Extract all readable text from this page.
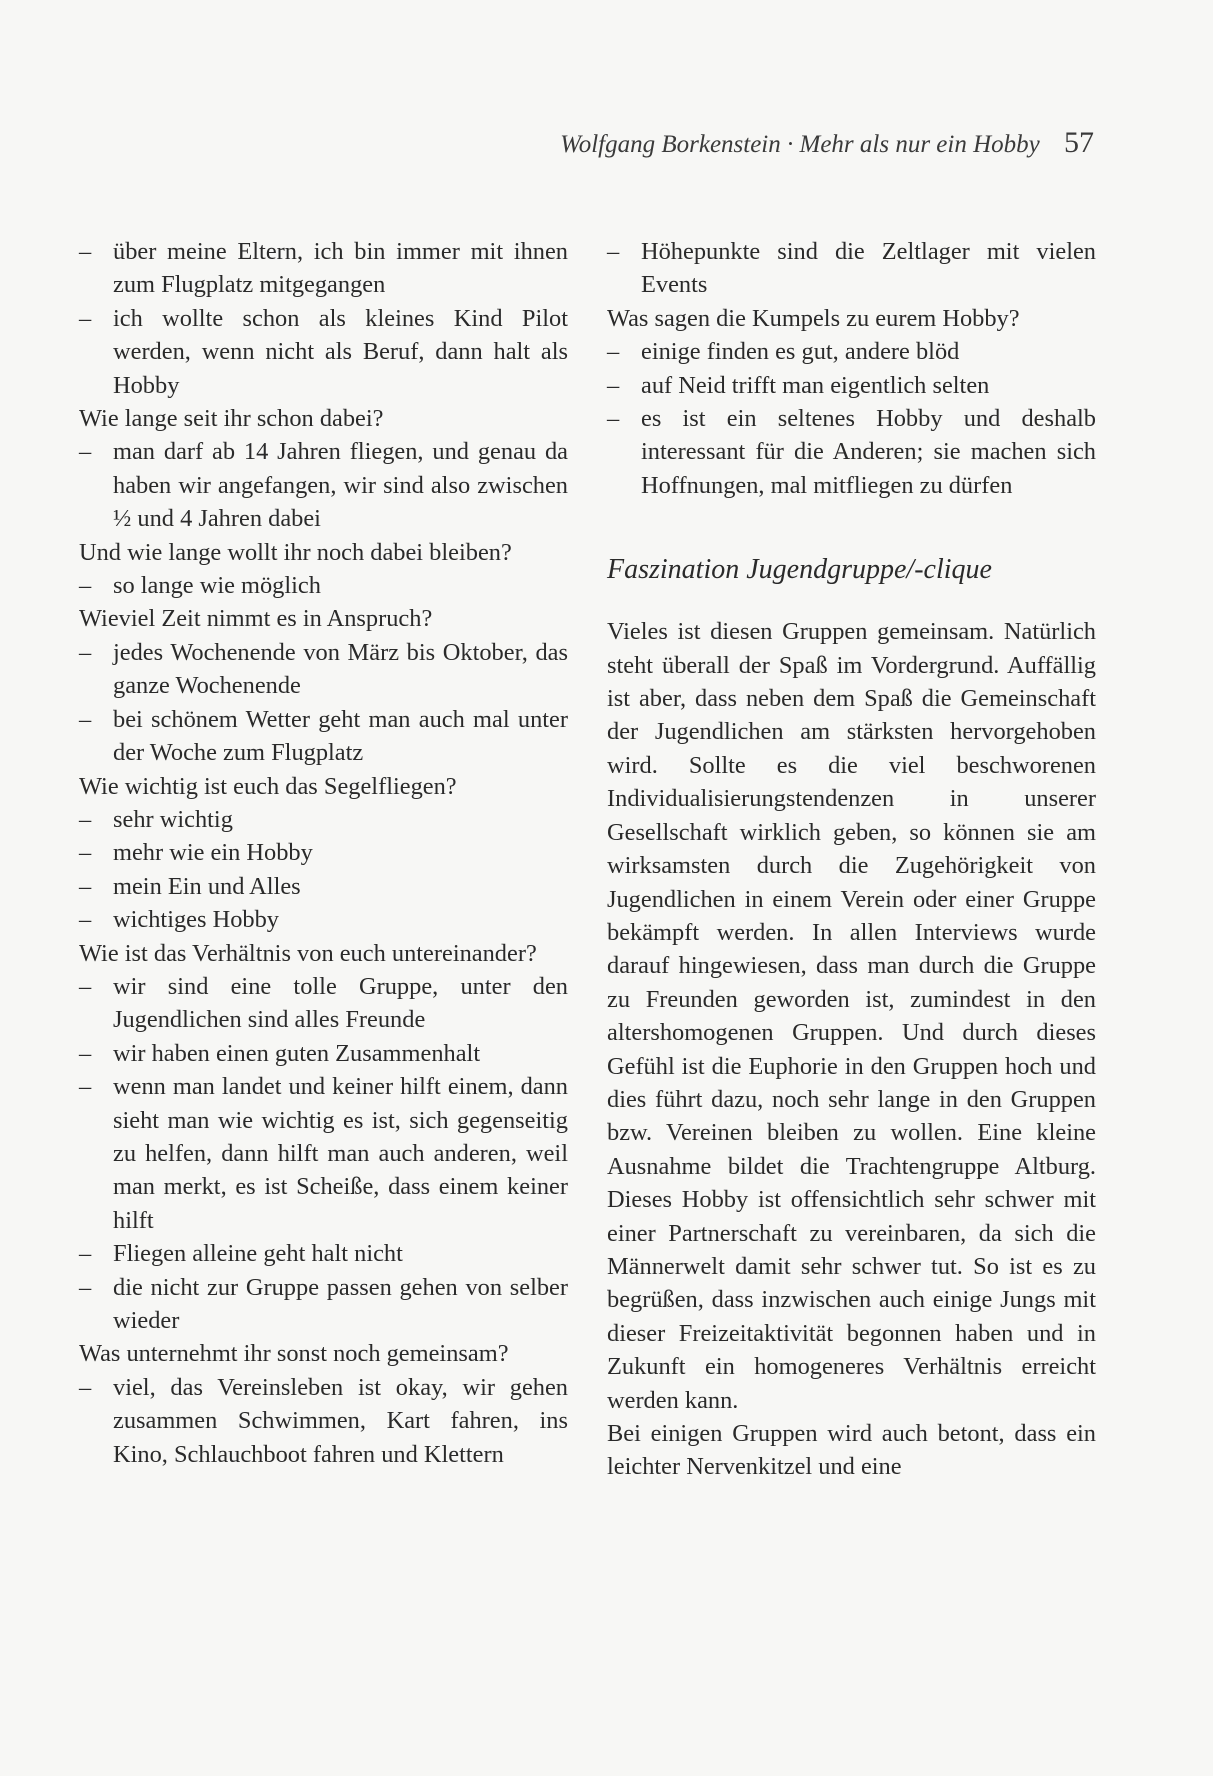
Wolfgang Borkenstein · Mehr als nur ein Hobby 57
– über meine Eltern, ich bin immer mit ihnen zum Flugplatz mitgegangen
– ich wollte schon als kleines Kind Pilot werden, wenn nicht als Beruf, dann halt als Hobby
Wie lange seit ihr schon dabei?
– man darf ab 14 Jahren fliegen, und genau da haben wir angefangen, wir sind also zwischen ½ und 4 Jahren dabei
Und wie lange wollt ihr noch dabei bleiben?
– so lange wie möglich
Wieviel Zeit nimmt es in Anspruch?
– jedes Wochenende von März bis Oktober, das ganze Wochenende
– bei schönem Wetter geht man auch mal unter der Woche zum Flugplatz
Wie wichtig ist euch das Segelfliegen?
– sehr wichtig
– mehr wie ein Hobby
– mein Ein und Alles
– wichtiges Hobby
Wie ist das Verhältnis von euch untereinander?
– wir sind eine tolle Gruppe, unter den Jugendlichen sind alles Freunde
– wir haben einen guten Zusammenhalt
– wenn man landet und keiner hilft einem, dann sieht man wie wichtig es ist, sich gegenseitig zu helfen, dann hilft man auch anderen, weil man merkt, es ist Scheiße, dass einem keiner hilft
– Fliegen alleine geht halt nicht
– die nicht zur Gruppe passen gehen von selber wieder
Was unternehmt ihr sonst noch gemeinsam?
– viel, das Vereinsleben ist okay, wir gehen zusammen Schwimmen, Kart fahren, ins Kino, Schlauchboot fahren und Klettern
– Höhepunkte sind die Zeltlager mit vielen Events
Was sagen die Kumpels zu eurem Hobby?
– einige finden es gut, andere blöd
– auf Neid trifft man eigentlich selten
– es ist ein seltenes Hobby und deshalb interessant für die Anderen; sie machen sich Hoffnungen, mal mitfliegen zu dürfen
Faszination Jugendgruppe/-clique
Vieles ist diesen Gruppen gemeinsam. Natürlich steht überall der Spaß im Vordergrund. Auffällig ist aber, dass neben dem Spaß die Gemeinschaft der Jugendlichen am stärksten hervorgehoben wird. Sollte es die viel beschworenen Individualisierungstendenzen in unserer Gesellschaft wirklich geben, so können sie am wirksamsten durch die Zugehörigkeit von Jugendlichen in einem Verein oder einer Gruppe bekämpft werden. In allen Interviews wurde darauf hingewiesen, dass man durch die Gruppe zu Freunden geworden ist, zumindest in den altershomogenen Gruppen. Und durch dieses Gefühl ist die Euphorie in den Gruppen hoch und dies führt dazu, noch sehr lange in den Gruppen bzw. Vereinen bleiben zu wollen. Eine kleine Ausnahme bildet die Trachtengruppe Altburg. Dieses Hobby ist offensichtlich sehr schwer mit einer Partnerschaft zu vereinbaren, da sich die Männerwelt damit sehr schwer tut. So ist es zu begrüßen, dass inzwischen auch einige Jungs mit dieser Freizeitaktivität begonnen haben und in Zukunft ein homogeneres Verhältnis erreicht werden kann.
Bei einigen Gruppen wird auch betont, dass ein leichter Nervenkitzel und eine
